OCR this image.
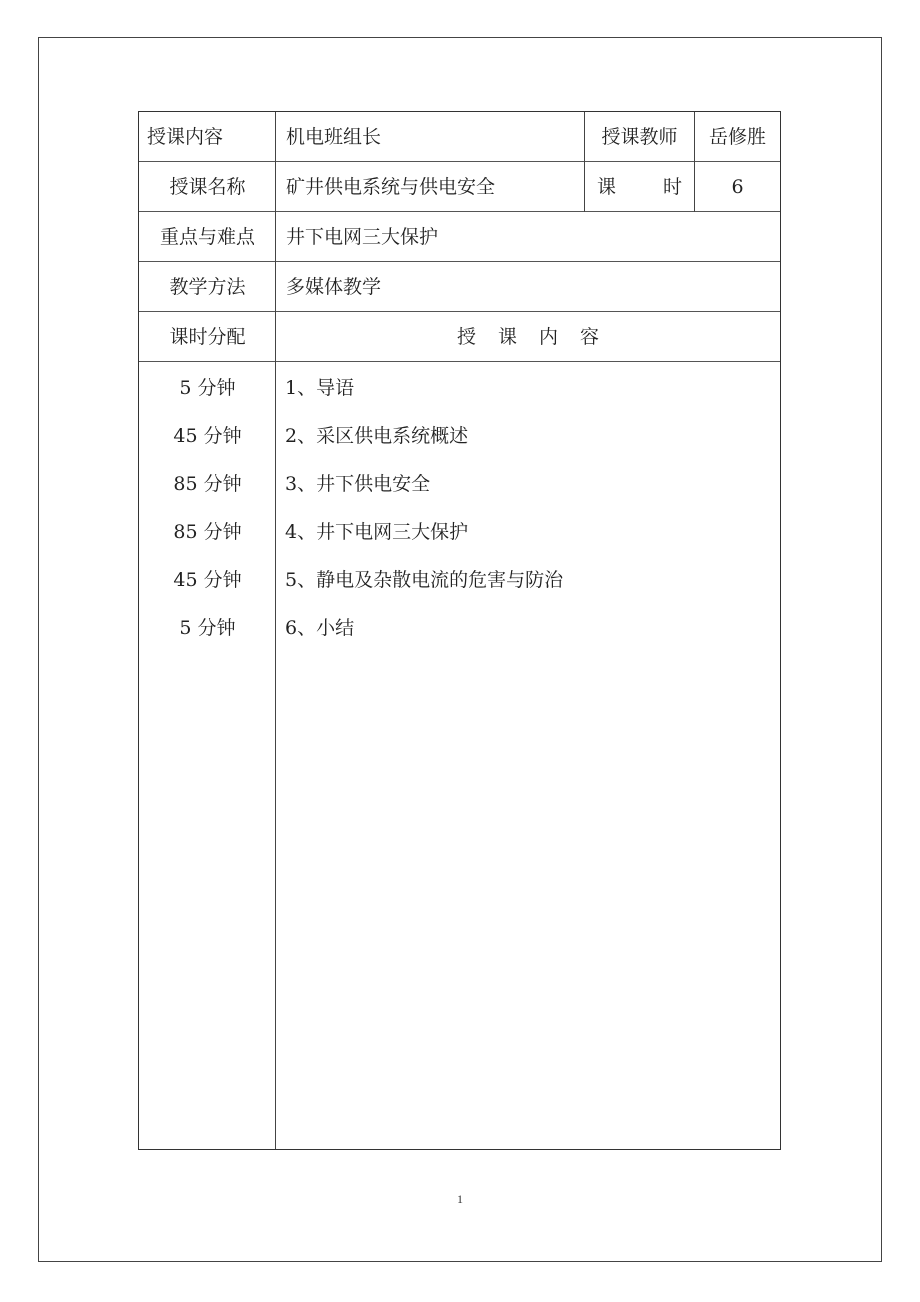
授课内容	机电班组长	授课教师	岳修胜
授课名称	矿井供电系统与供电安全	课 时	6
重点与难点	井下电网三大保护
教学方法	多媒体教学
课时分配	授课内容
5 分钟	1、导语
45 分钟	2、采区供电系统概述
85 分钟	3、井下供电安全
85 分钟	4、井下电网三大保护
45 分钟	5、静电及杂散电流的危害与防治
5 分钟	6、小结
1
